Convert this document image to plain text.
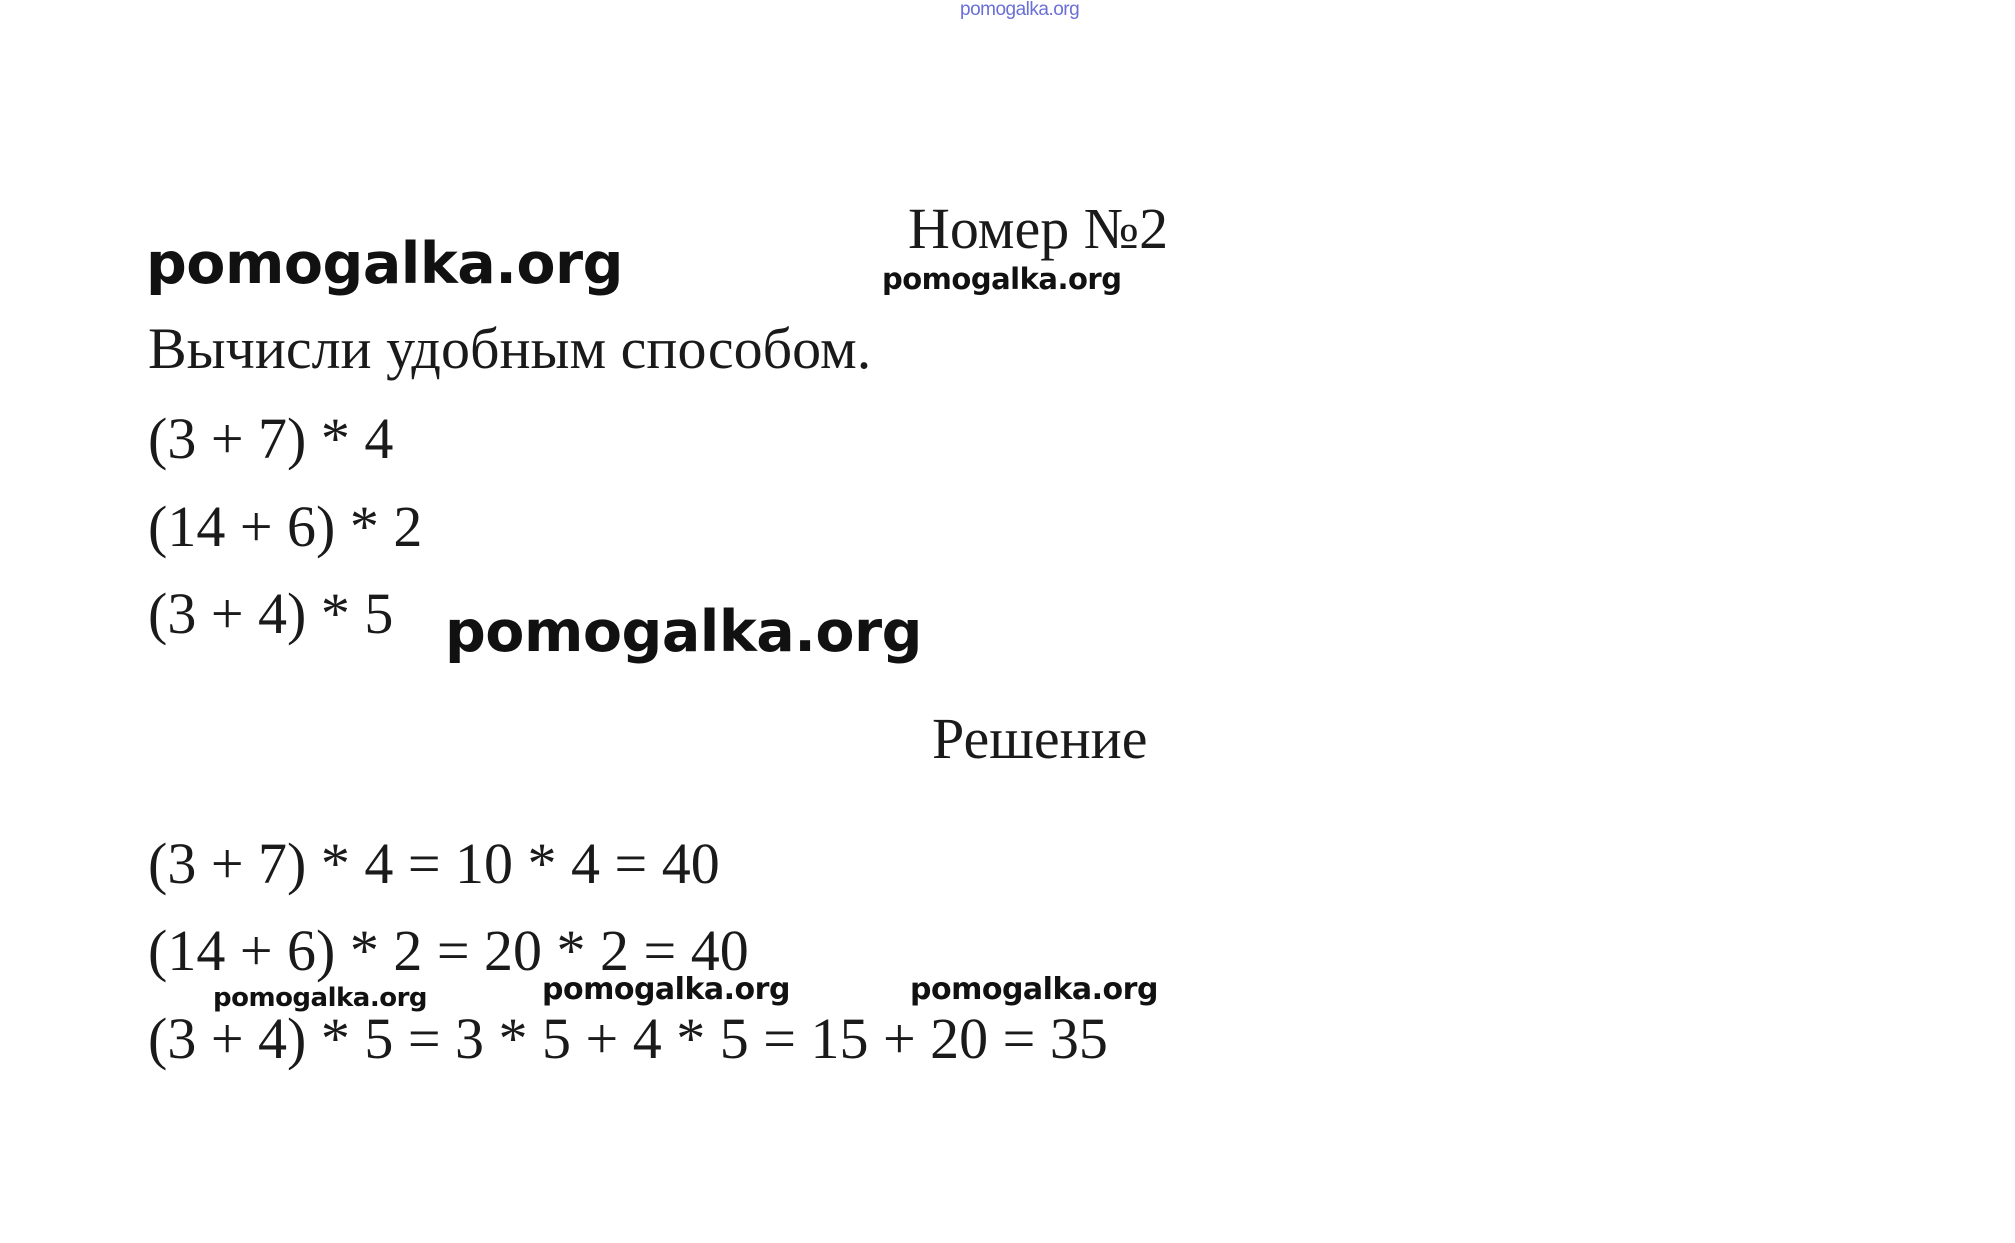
pomogalka.org
Номер №2
pomogalka.org	pomogalka.org
Вычисли удобным способом.
(3 + 7) * 4
(14 + 6) * 2
(3 + 4) * 5 pomogalka.org
Решение
(3 + 7) * 4 = 10 * 4 = 40
(14 + 6) * 2 = 20 * 2 = 40
pomogalka.org	pomogalka.org	pomogalka.org
(3 + 4) * 5 = 3 * 5 + 4 * 5 = 15 + 20 = 35
